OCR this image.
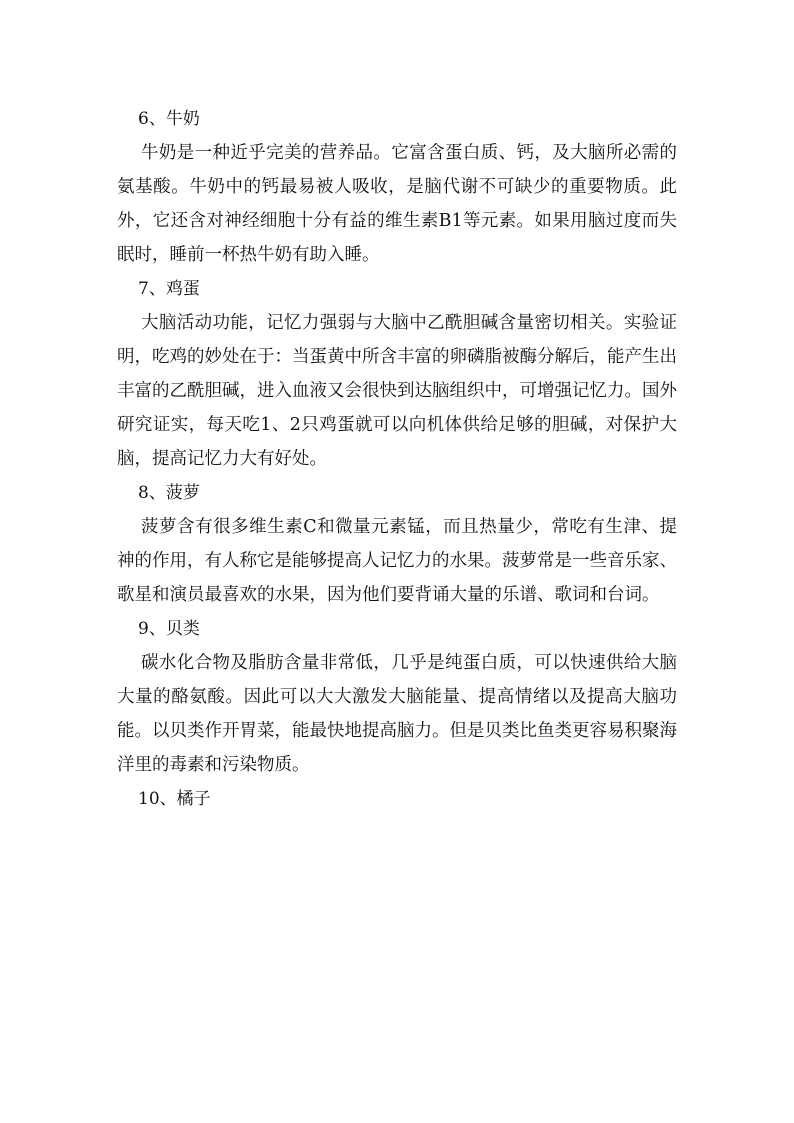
6、牛奶

牛奶是一种近乎完美的营养品。它富含蛋白质、钙，及大脑所必需的氨基酸。牛奶中的钙最易被人吸收，是脑代谢不可缺少的重要物质。此外，它还含对神经细胞十分有益的维生素B1等元素。如果用脑过度而失眠时，睡前一杯热牛奶有助入睡。

7、鸡蛋

大脑活动功能，记忆力强弱与大脑中乙酰胆碱含量密切相关。实验证明，吃鸡的妙处在于：当蛋黄中所含丰富的卵磷脂被酶分解后，能产生出丰富的乙酰胆碱，进入血液又会很快到达脑组织中，可增强记忆力。国外研究证实，每天吃1、2只鸡蛋就可以向机体供给足够的胆碱，对保护大脑，提高记忆力大有好处。

8、菠萝

菠萝含有很多维生素C和微量元素锰，而且热量少，常吃有生津、提神的作用，有人称它是能够提高人记忆力的水果。菠萝常是一些音乐家、歌星和演员最喜欢的水果，因为他们要背诵大量的乐谱、歌词和台词。

9、贝类

碳水化合物及脂肪含量非常低，几乎是纯蛋白质，可以快速供给大脑大量的酪氨酸。因此可以大大激发大脑能量、提高情绪以及提高大脑功能。以贝类作开胃菜，能最快地提高脑力。但是贝类比鱼类更容易积聚海洋里的毒素和污染物质。

10、橘子
